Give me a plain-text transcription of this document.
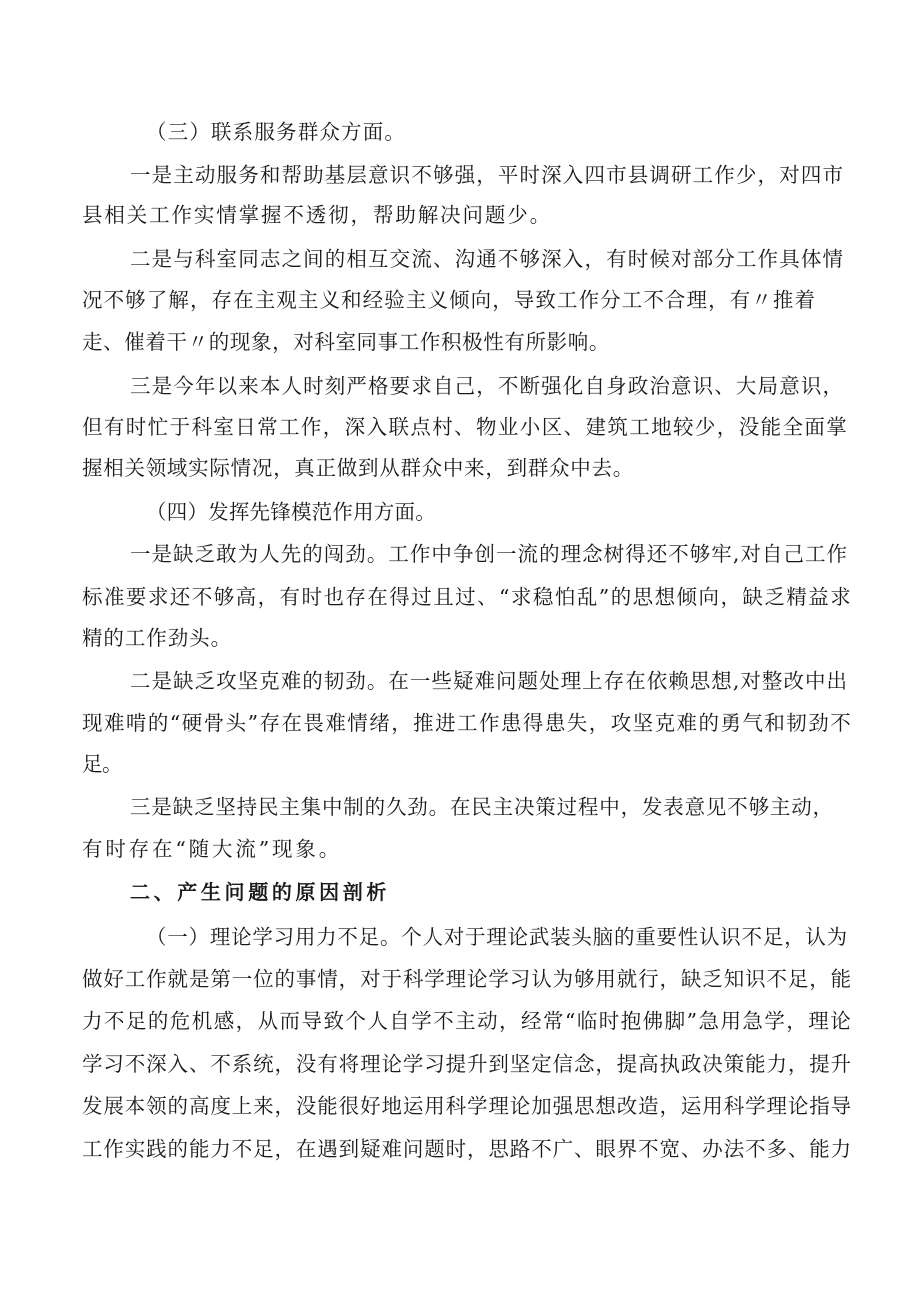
（三）联系服务群众方面。
一是主动服务和帮助基层意识不够强，平时深入四市县调研工作少，对四市
县相关工作实情掌握不透彻，帮助解决问题少。
二是与科室同志之间的相互交流、沟通不够深入，有时候对部分工作具体情
况不够了解，存在主观主义和经验主义倾向，导致工作分工不合理，有〃推着
走、催着干〃的现象，对科室同事工作积极性有所影响。
三是今年以来本人时刻严格要求自己，不断强化自身政治意识、大局意识，
但有时忙于科室日常工作，深入联点村、物业小区、建筑工地较少，没能全面掌
握相关领域实际情况，真正做到从群众中来，到群众中去。
（四）发挥先锋模范作用方面。
一是缺乏敢为人先的闯劲。工作中争创一流的理念树得还不够牢,对自己工作
标准要求还不够高，有时也存在得过且过、“求稳怕乱”的思想倾向，缺乏精益求
精的工作劲头。
二是缺乏攻坚克难的韧劲。在一些疑难问题处理上存在依赖思想,对整改中出
现难啃的“硬骨头”存在畏难情绪，推进工作患得患失，攻坚克难的勇气和韧劲不
足。
三是缺乏坚持民主集中制的久劲。在民主决策过程中，发表意见不够主动，
有时存在“随大流”现象。
二、产生问题的原因剖析
（一）理论学习用力不足。个人对于理论武装头脑的重要性认识不足，认为
做好工作就是第一位的事情，对于科学理论学习认为够用就行，缺乏知识不足，能
力不足的危机感，从而导致个人自学不主动，经常“临时抱佛脚”急用急学，理论
学习不深入、不系统，没有将理论学习提升到坚定信念，提高执政决策能力，提升
发展本领的高度上来，没能很好地运用科学理论加强思想改造，运用科学理论指导
工作实践的能力不足，在遇到疑难问题时，思路不广、眼界不宽、办法不多、能力
